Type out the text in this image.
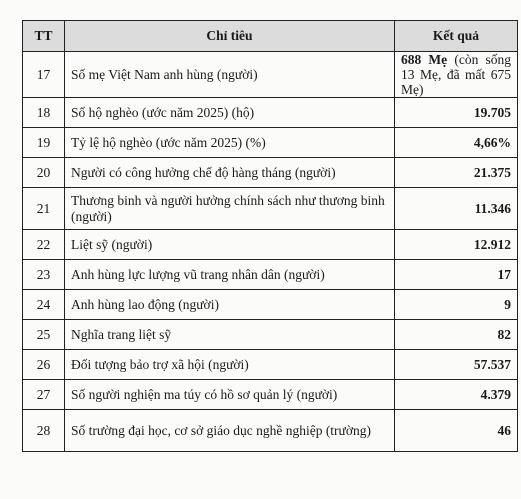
TT	Chỉ tiêu	Kết quả
17	Số mẹ Việt Nam anh hùng (người)	688 Mẹ (còn sống 13 Mẹ, đã mất 675 Mẹ)
18	Số hộ nghèo (ước năm 2025) (hộ)	19.705
19	Tỷ lệ hộ nghèo (ước năm 2025) (%)	4,66%
20	Người có công hưởng chế độ hàng tháng (người)	21.375
21	Thương binh và người hưởng chính sách như thương binh (người)	11.346
22	Liệt sỹ (người)	12.912
23	Anh hùng lực lượng vũ trang nhân dân (người)	17
24	Anh hùng lao động (người)	9
25	Nghĩa trang liệt sỹ	82
26	Đối tượng bảo trợ xã hội (người)	57.537
27	Số người nghiện ma túy có hồ sơ quản lý (người)	4.379
28	Số trường đại học, cơ sở giáo dục nghề nghiệp (trường)	46
